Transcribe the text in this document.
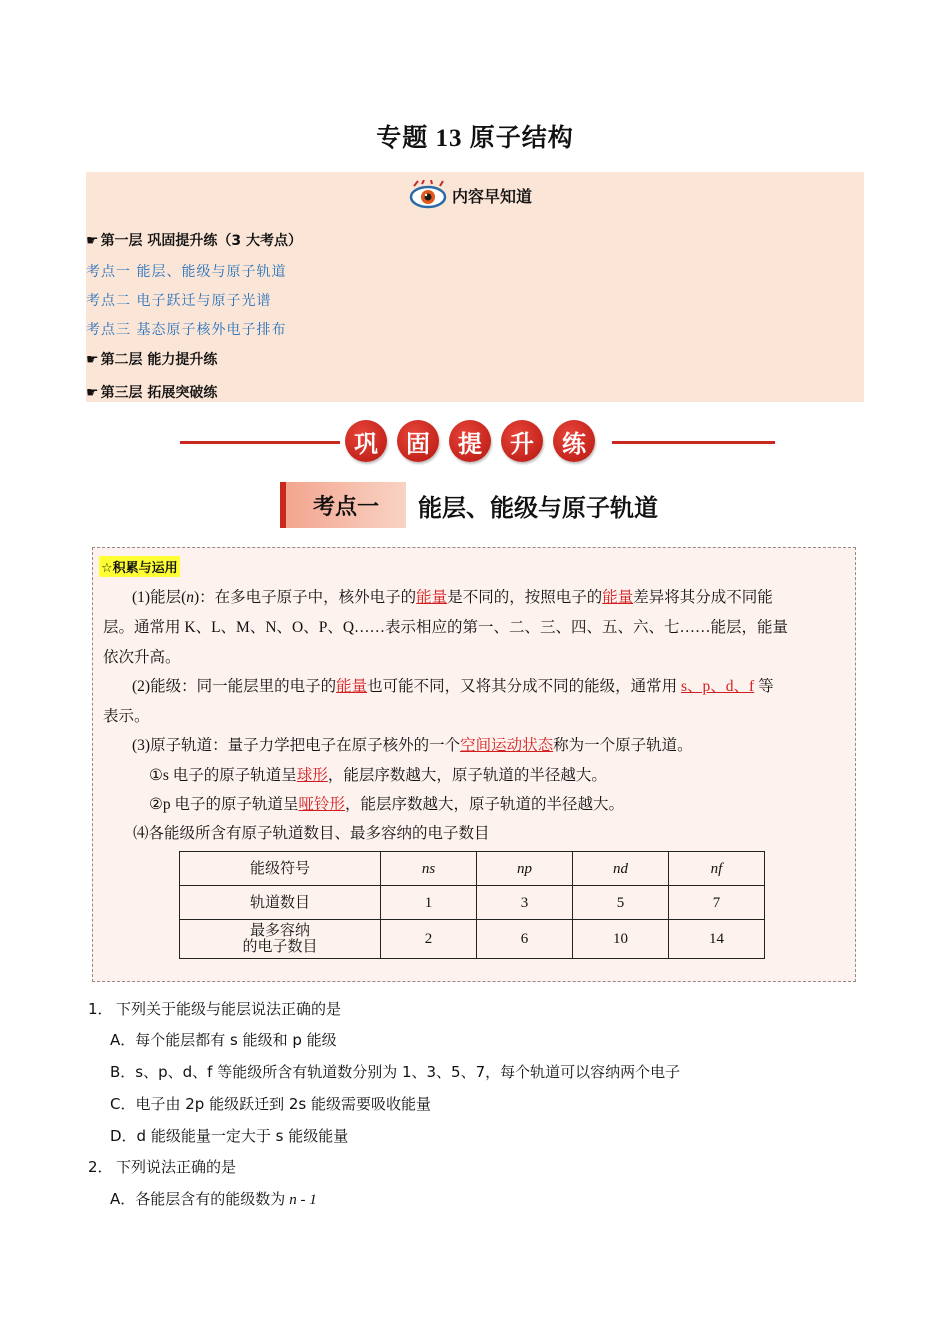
专题 13 原子结构
内容早知道
☛ 第一层 巩固提升练（3 大考点）
考点一 能层、能级与原子轨道
考点二 电子跃迁与原子光谱
考点三 基态原子核外电子排布
☛ 第二层 能力提升练
☛ 第三层 拓展突破练
巩	固	提	升	练
考点一	能层、能级与原子轨道
☆积累与运用
(1)能层(n)：在多电子原子中，核外电子的能量是不同的，按照电子的能量差异将其分成不同能
层。通常用 K、L、M、N、O、P、Q……表示相应的第一、二、三、四、五、六、七……能层，能量
依次升高。
(2)能级：同一能层里的电子的能量也可能不同，又将其分成不同的能级，通常用 s、p、d、f 等
表示。
(3)原子轨道：量子力学把电子在原子核外的一个空间运动状态称为一个原子轨道。
①s 电子的原子轨道呈球形，能层序数越大，原子轨道的半径越大。
②p 电子的原子轨道呈哑铃形，能层序数越大，原子轨道的半径越大。
⑷各能级所含有原子轨道数目、最多容纳的电子数目
能级符号	ns	np	nd	nf
轨道数目	1	3	5	7

最多容纳
的电子数目	2	6	10	14
1． 下列关于能级与能层说法正确的是
A．每个能层都有 s 能级和 p 能级
B．s、p、d、f 等能级所含有轨道数分别为 1、3、5、7，每个轨道可以容纳两个电子
C．电子由 2p 能级跃迁到 2s 能级需要吸收能量
D．d 能级能量一定大于 s 能级能量
2． 下列说法正确的是
A．各能层含有的能级数为 n - 1
